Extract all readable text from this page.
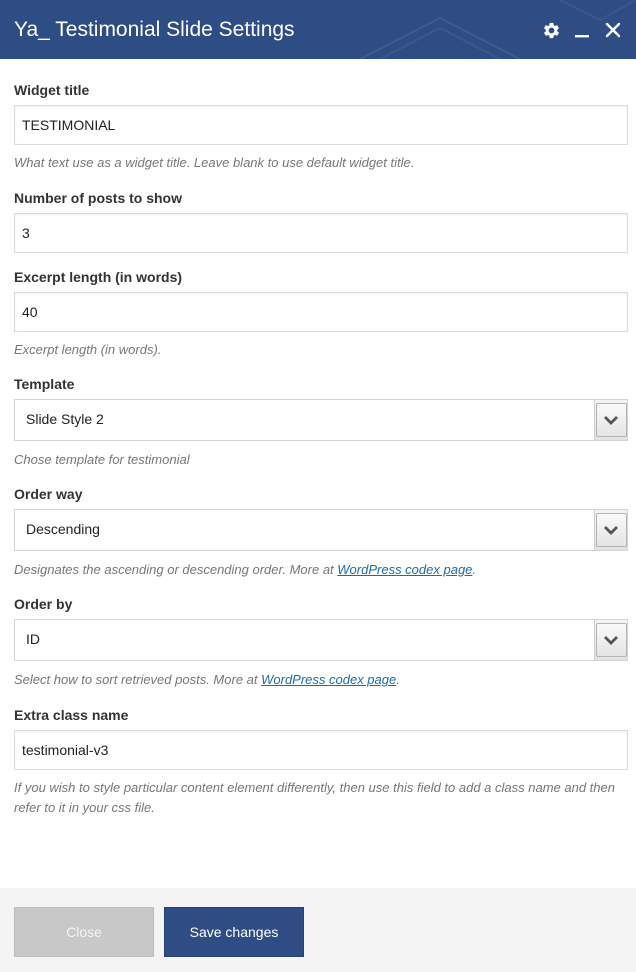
Ya_ Testimonial Slide Settings
Widget title
TESTIMONIAL
What text use as a widget title. Leave blank to use default widget title.
Number of posts to show
3
Excerpt length (in words)
40
Excerpt length (in words).
Template
Slide Style 2
Chose template for testimonial
Order way
Descending
Designates the ascending or descending order. More at WordPress codex page.
Order by
ID
Select how to sort retrieved posts. More at WordPress codex page.
Extra class name
testimonial-v3
If you wish to style particular content element differently, then use this field to add a class name and then refer to it in your css file.
Close	Save changes
